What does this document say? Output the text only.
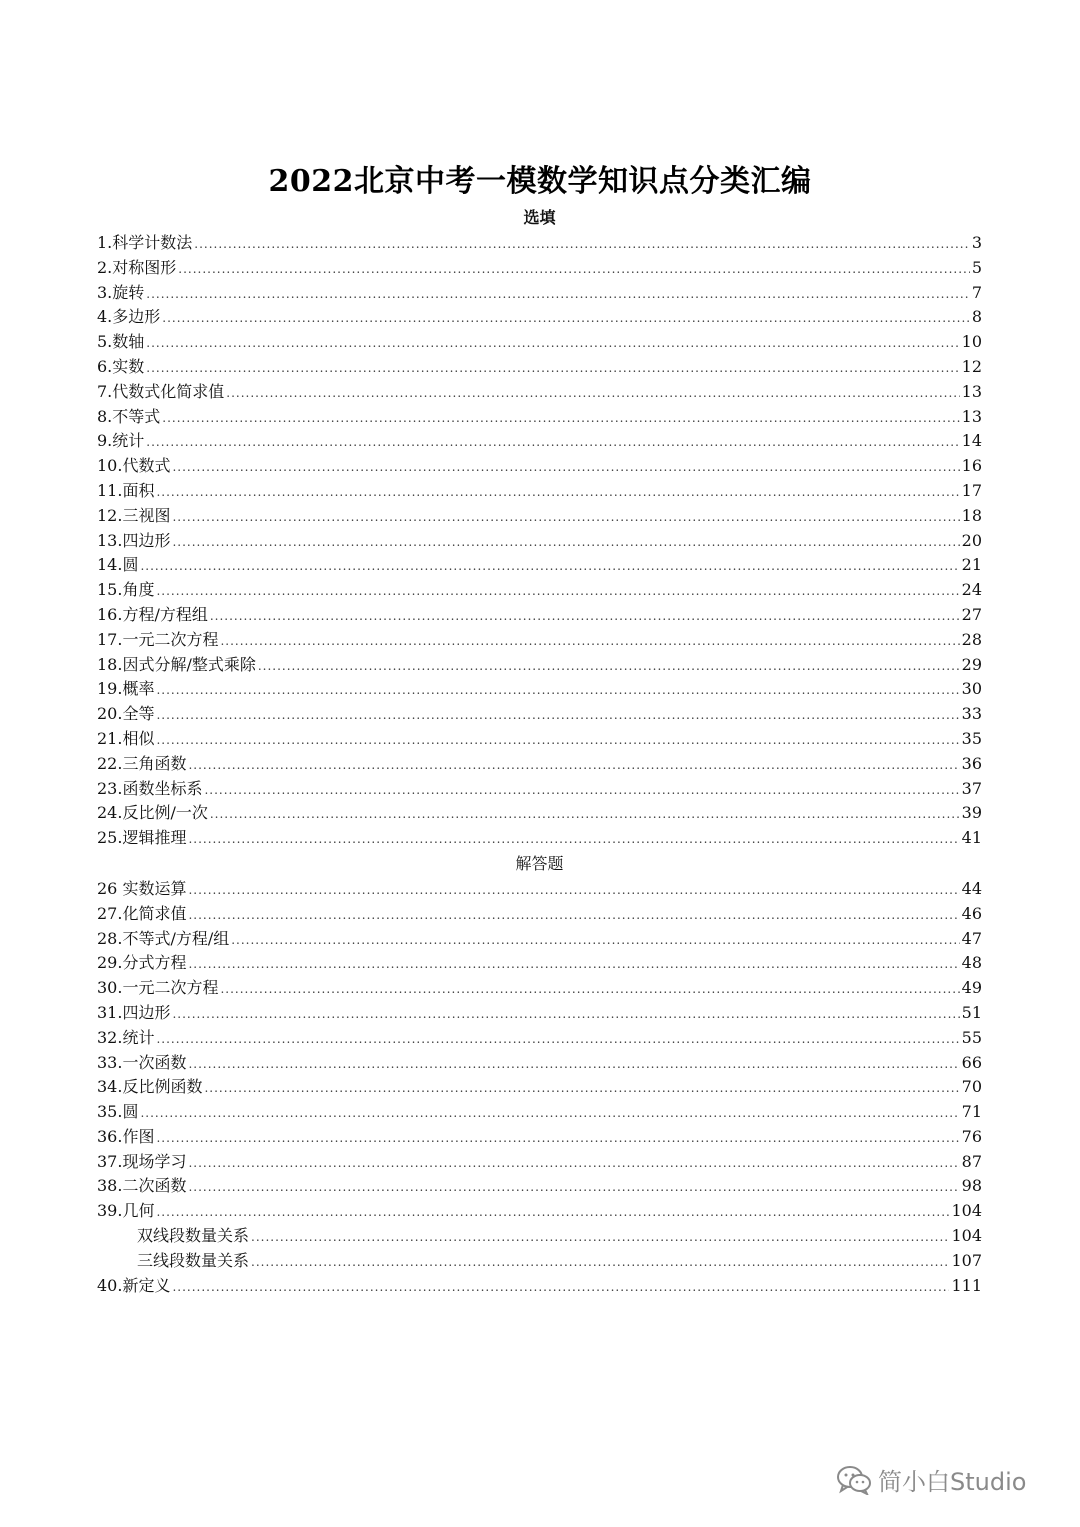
2022北京中考一模数学知识点分类汇编
选填
1.科学计数法 .....	3
2.对称图形 .....	5
3.旋转 .....	7
4.多边形 .....	8
5.数轴 .....	10
6.实数 .....	12
7.代数式化简求值 .....	13
8.不等式 .....	13
9.统计 .....	14
10.代数式 .....	16
11.面积 .....	17
12.三视图 .....	18
13.四边形 .....	20
14.圆 .....	21
15.角度 .....	24
16.方程/方程组 .....	27
17.一元二次方程 .....	28
18.因式分解/整式乘除 .....	29
19.概率 .....	30
20.全等 .....	33
21.相似 .....	35
22.三角函数 .....	36
23.函数坐标系 .....	37
24.反比例/一次 .....	39
25.逻辑推理 .....	41
解答题
26 实数运算 .....	44
27.化简求值 .....	46
28.不等式/方程/组 .....	47
29.分式方程 .....	48
30.一元二次方程 .....	49
31.四边形 .....	51
32.统计 .....	55
33.一次函数 .....	66
34.反比例函数 .....	70
35.圆 .....	71
36.作图 .....	76
37.现场学习 .....	87
38.二次函数 .....	98
39.几何 .....	104
双线段数量关系 .....	104
三线段数量关系 .....	107
40.新定义 .....	111
简小白Studio
